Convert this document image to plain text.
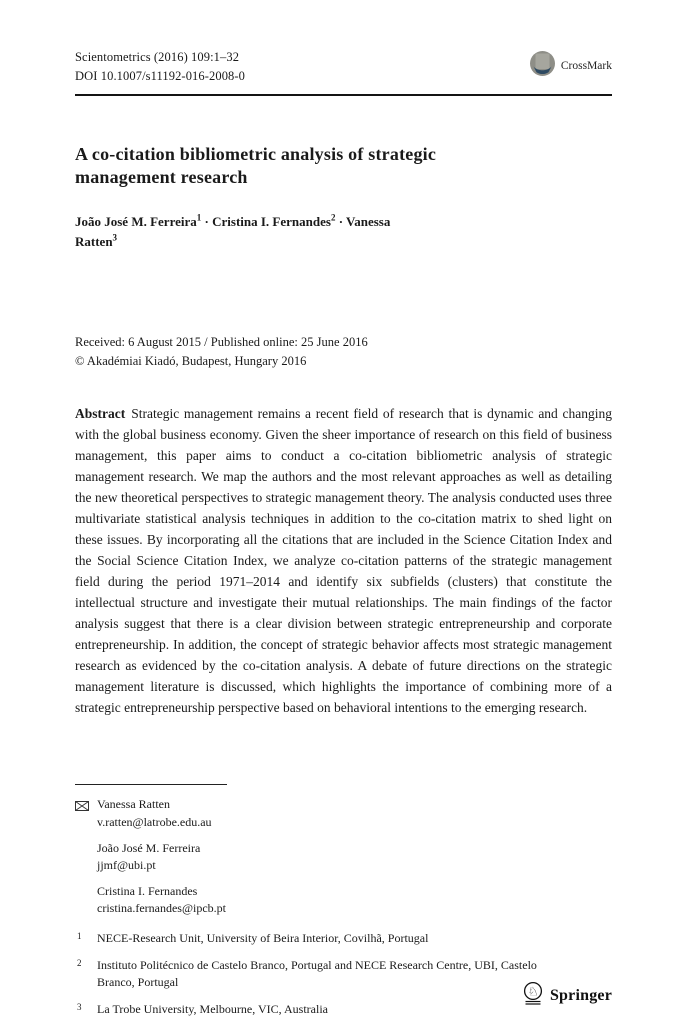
Scientometrics (2016) 109:1–32
DOI 10.1007/s11192-016-2008-0
CrossMark
A co-citation bibliometric analysis of strategic management research
João José M. Ferreira$^1$ · Cristina I. Fernandes$^2$ · Vanessa Ratten$^3$
Received: 6 August 2015 / Published online: 25 June 2016
© Akadémiai Kiadó, Budapest, Hungary 2016

Abstract Strategic management remains a recent field of research that is dynamic and changing with the global business economy. Given the sheer importance of research on this field of business management, this paper aims to conduct a co-citation bibliometric analysis of strategic management research. We map the authors and the most relevant approaches as well as detailing the new theoretical perspectives to strategic management theory. The analysis conducted uses three multivariate statistical analysis techniques in addition to the co-citation matrix to shed light on these issues. By incorporating all the citations that are included in the Science Citation Index and the Social Science Citation Index, we analyze co-citation patterns of the strategic management field during the period 1971–2014 and identify six subfields (clusters) that constitute the intellectual structure and investigate their mutual relationships. The main findings of the factor analysis suggest that there is a clear division between strategic entrepreneurship and corporate entrepreneurship. In addition, the concept of strategic behavior affects most strategic management research as evidenced by the co-citation analysis. A debate of future directions on the strategic management literature is discussed, which highlights the importance of combining more of a strategic entrepreneurship perspective based on behavioral intentions to the emerging research.

Vanessa Ratten
v.ratten@latrobe.edu.au
João José M. Ferreira
jjmf@ubi.pt
Cristina I. Fernandes
cristina.fernandes@ipcb.pt
1 NECE-Research Unit, University of Beira Interior, Covilhã, Portugal
2 Instituto Politécnico de Castelo Branco, Portugal and NECE Research Centre, UBI, Castelo Branco, Portugal
3 La Trobe University, Melbourne, VIC, Australia
♘ Springer
